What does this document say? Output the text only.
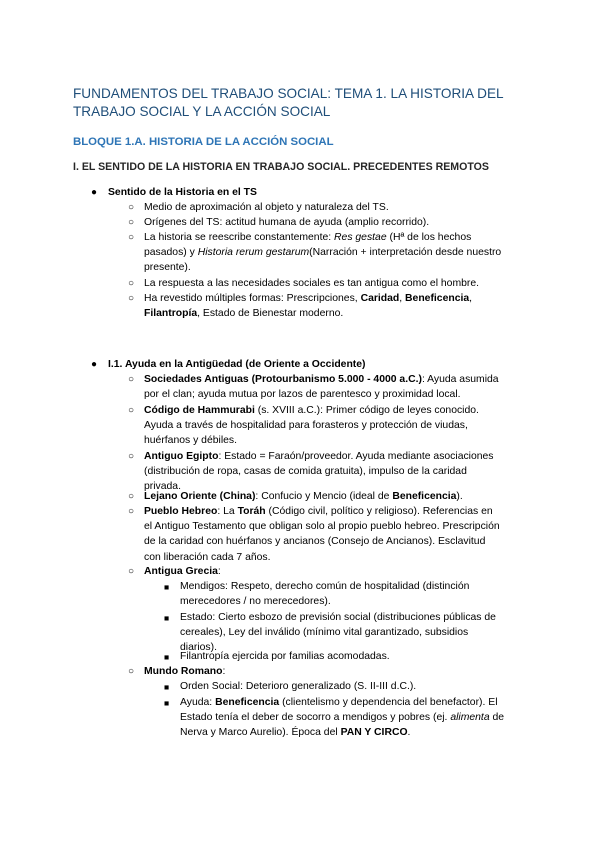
FUNDAMENTOS DEL TRABAJO SOCIAL: TEMA 1. LA HISTORIA DEL TRABAJO SOCIAL Y LA ACCIÓN SOCIAL
BLOQUE 1.A. HISTORIA DE LA ACCIÓN SOCIAL
I. EL SENTIDO DE LA HISTORIA EN TRABAJO SOCIAL. PRECEDENTES REMOTOS
● Sentido de la Historia en el TS
○ Medio de aproximación al objeto y naturaleza del TS.
○ Orígenes del TS: actitud humana de ayuda (amplio recorrido).
○ La historia se reescribe constantemente: Res gestae (Hª de los hechos
pasados) y Historia rerum gestarum(Narración + interpretación desde nuestro
presente).
○ La respuesta a las necesidades sociales es tan antigua como el hombre.
○ Ha revestido múltiples formas: Prescripciones, Caridad, Beneficencia,
Filantropía, Estado de Bienestar moderno.
● I.1. Ayuda en la Antigüedad (de Oriente a Occidente)
○ Sociedades Antiguas (Protourbanismo 5.000 - 4000 a.C.): Ayuda asumida
por el clan; ayuda mutua por lazos de parentesco y proximidad local.
○ Código de Hammurabi (s. XVIII a.C.): Primer código de leyes conocido.
Ayuda a través de hospitalidad para forasteros y protección de viudas,
huérfanos y débiles.
○ Antiguo Egipto: Estado = Faraón/proveedor. Ayuda mediante asociaciones
(distribución de ropa, casas de comida gratuita), impulso de la caridad
privada.
○ Lejano Oriente (China): Confucio y Mencio (ideal de Beneficencia).
○ Pueblo Hebreo: La Toráh (Código civil, político y religioso). Referencias en
el Antiguo Testamento que obligan solo al propio pueblo hebreo. Prescripción
de la caridad con huérfanos y ancianos (Consejo de Ancianos). Esclavitud
con liberación cada 7 años.
○ Antigua Grecia:
■ Mendigos: Respeto, derecho común de hospitalidad (distinción
merecedores / no merecedores).
■ Estado: Cierto esbozo de previsión social (distribuciones públicas de
cereales), Ley del inválido (mínimo vital garantizado, subsidios
diarios).
■ Filantropía ejercida por familias acomodadas.
○ Mundo Romano:
■ Orden Social: Deterioro generalizado (S. II-III d.C.).
■ Ayuda: Beneficencia (clientelismo y dependencia del benefactor). El
Estado tenía el deber de socorro a mendigos y pobres (ej. alimenta de
Nerva y Marco Aurelio). Época del PAN Y CIRCO.
